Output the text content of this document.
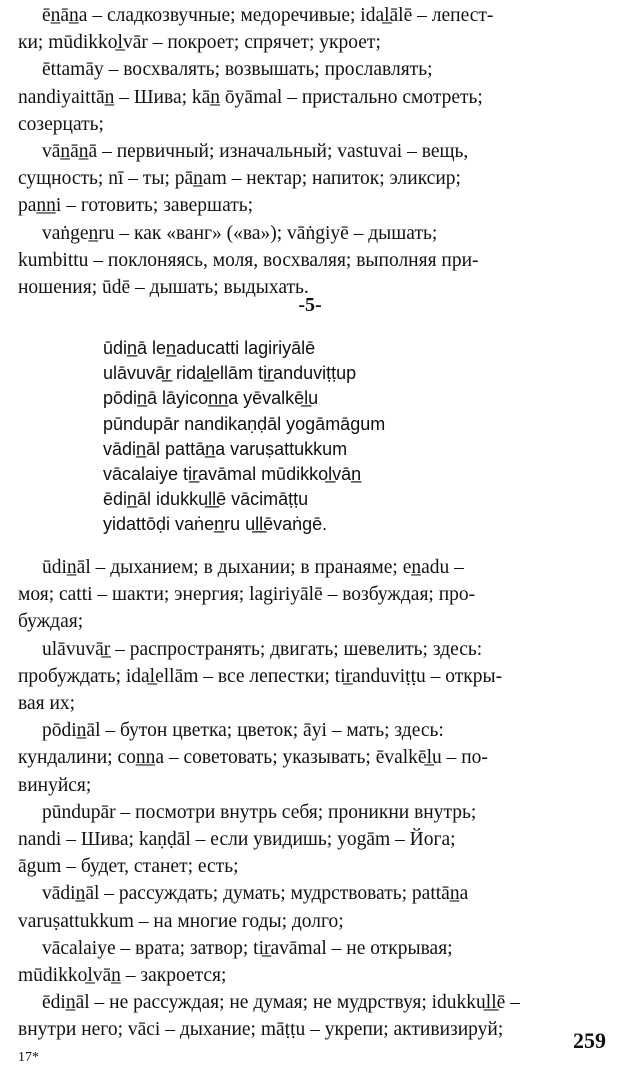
ēn̲ān̲a – сладкозвучные; медоречивые; idal̲ālē – лепест-
ки; mūdikkol̲vār – покроет; спрячет; укроет;

ēttamāy – восхвалять; возвышать; прославлять;
nandiyaittān̲ – Шива; kān̲ ōyāmal – пристально смотреть;
созерцать;

vān̲ān̲ā – первичный; изначальный; vastuvai – вещь,
сущность; nī – ты; pān̲am – нектар; напиток; эликсир;
pan̲n̲i – готовить; завершать;

vaṅgen̲ru – как «ванг» («ва»); vāṅgiyē – дышать;
kumbittu – поклоняясь, моля, восхваляя; выполняя при-
ношения; ūdē – дышать; выдыхать.

-5-
ūdin̲ā len̲aducatti lagiriyālē
ulāvuvār̲ ridal̲ellām tir̲anduviṭṭup
pōdin̲ā lāyicon̲n̲a yēvalkēl̲u
pūndupār nandikaṇḍāl yogāmāgum
vādin̲āl pattān̲a varuṣattukkum
vācalaiye tir̲avāmal mūdikkol̲vān̲
ēdin̲āl idukkul̲l̲ē vācimāṭṭu
yidattōḍi vaṅen̲ru ul̲l̲ēvaṅgē.

ūdin̲āl – дыханием; в дыхании; в пранаяме; en̲adu –
моя; catti – шакти; энергия; lagiriyālē – возбуждая; про-
буждая;

ulāvuvār̲ – распространять; двигать; шевелить; здесь:
пробуждать; idal̲ellām – все лепестки; tir̲anduviṭṭu – откры-
вая их;

pōdin̲āl – бутон цветка; цветок; āyi – мать; здесь:
кундалини; con̲n̲a – советовать; указывать; ēvalkēl̲u – по-
винуйся;

pūndupār – посмотри внутрь себя; проникни внутрь;
nandi – Шива; kaṇḍāl – если увидишь; yogām – Йога;
āgum – будет, станет; есть;

vādin̲āl – рассуждать; думать; мудрствовать; pattān̲a
varuṣattukkum – на многие годы; долго;

vācalaiye – врата; затвор; tir̲avāmal – не открывая;
mūdikkol̲vān̲ – закроется;

ēdin̲āl – не рассуждая; не думая; не мудрствуя; idukkul̲l̲ē –
внутри него; vāci – дыхание; māṭṭu – укрепи; активизируй;	259
17*
